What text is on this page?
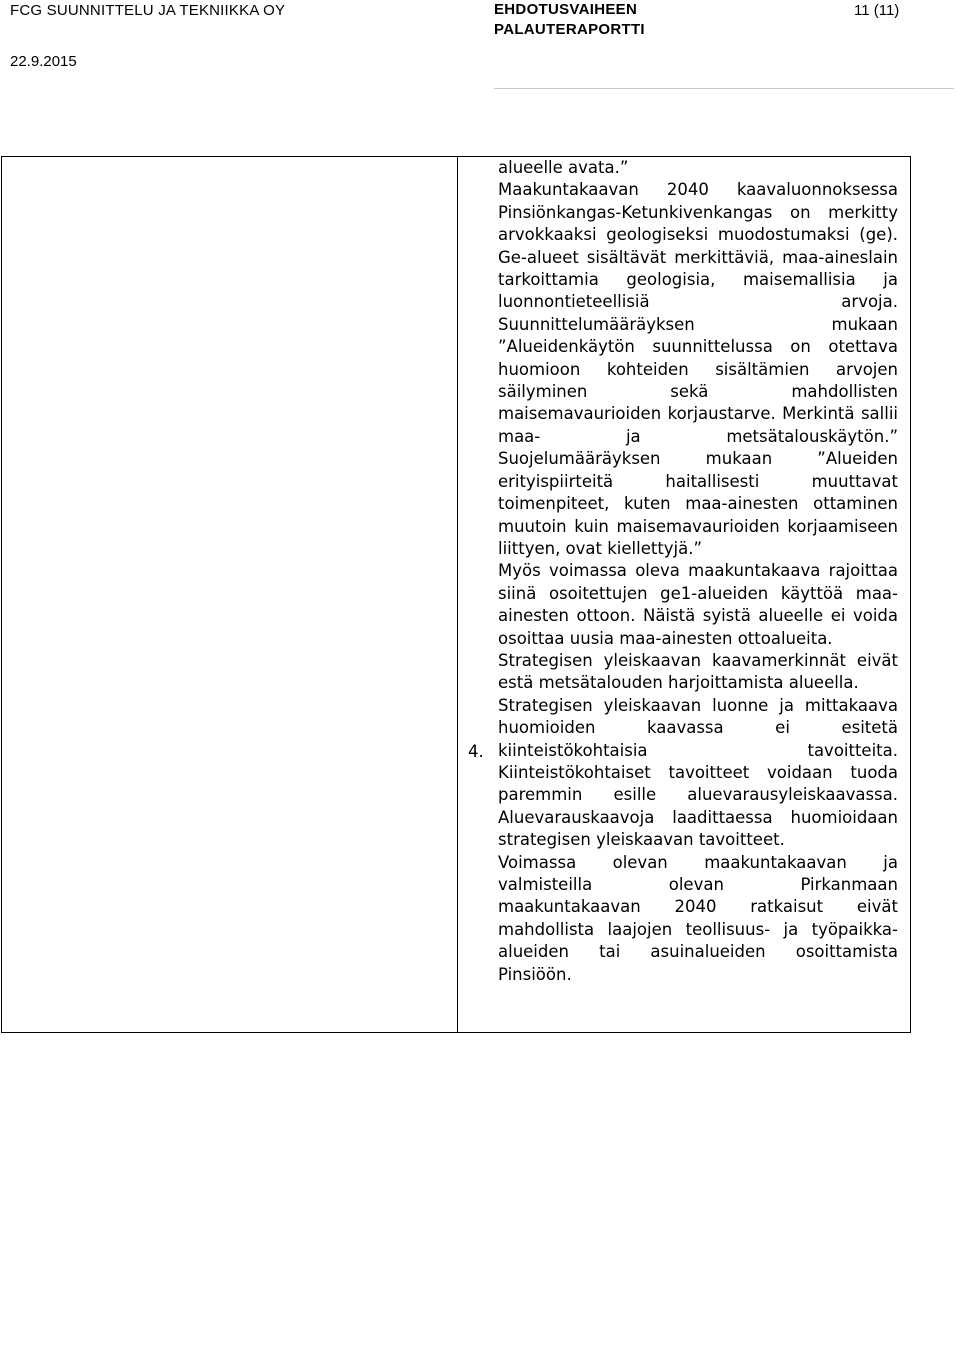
FCG SUUNNITTELU JA TEKNIIKKA OY	EHDOTUSVAIHEEN
PALAUTERAPORTTI
11 (11)
22.9.2015

alueelle avata.”

Maakuntakaavan 2040 kaavaluonnoksessa Pinsiönkangas-Ketunkivenkangas on merkitty arvokkaaksi geologiseksi muodostumaksi (ge). Ge-alueet sisältävät merkittäviä, maa-aineslain tarkoittamia geologisia, maisemallisia ja luonnontieteellisiä arvoja. Suunnittelumääräyksen mukaan ”Alueidenkäytön suunnittelussa on otettava huomioon kohteiden sisältämien arvojen säilyminen sekä mahdollisten maisemavaurioiden korjaustarve. Merkintä sallii maa- ja metsätalouskäytön.” Suojelumääräyksen mukaan ”Alueiden erityispiirteitä haitallisesti muuttavat toimenpiteet, kuten maa-ainesten ottaminen muutoin kuin maisemavaurioiden korjaamiseen liittyen, ovat kiellettyjä.”

Myös voimassa oleva maakuntakaava rajoittaa siinä osoitettujen ge1-alueiden käyttöä maa-ainesten ottoon. Näistä syistä alueelle ei voida osoittaa uusia maa-ainesten ottoalueita.

Strategisen yleiskaavan kaavamerkinnät eivät estä metsätalouden harjoittamista alueella.

Strategisen yleiskaavan luonne ja mittakaava huomioiden kaavassa ei esitetä kiinteistökohtaisia tavoitteita. Kiinteistökohtaiset tavoitteet voidaan tuoda paremmin esille aluevarausyleiskaavassa. Aluevarauskaavoja laadittaessa huomioidaan strategisen yleiskaavan tavoitteet.

Voimassa olevan maakuntakaavan ja valmisteilla olevan Pirkanmaan maakuntakaavan 2040 ratkaisut eivät mahdollista laajojen teollisuus- ja työpaikka-alueiden tai asuinalueiden osoittamista Pinsiöön.

4.
